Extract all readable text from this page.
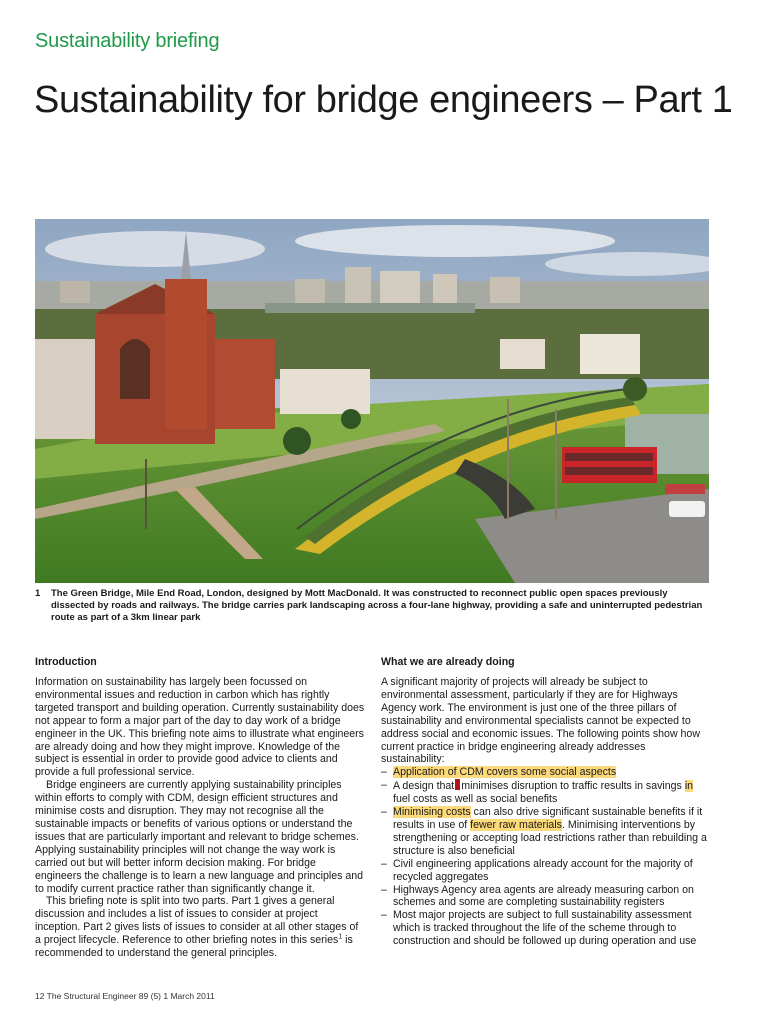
Sustainability briefing
Sustainability for bridge engineers – Part 1
1	The Green Bridge, Mile End Road, London, designed by Mott MacDonald. It was constructed to reconnect public open spaces previously dissected by roads and railways. The bridge carries park landscaping across a four-lane highway, providing a safe and uninterrupted pedestrian route as part of a 3km linear park
Introduction

Information on sustainability has largely been focussed on environmental issues and reduction in carbon which has rightly targeted transport and building operation. Currently sustainability does not appear to form a major part of the day to day work of a bridge engineer in the UK. This briefing note aims to illustrate what engineers are already doing and how they might improve. Knowledge of the subject is essential in order to provide good advice to clients and provide a full professional service.

Bridge engineers are currently applying sustainability principles within efforts to comply with CDM, design efficient structures and minimise costs and disruption. They may not recognise all the sustainable impacts or benefits of various options or understand the issues that are particularly important and relevant to bridge schemes. Applying sustainability principles will not change the way work is carried out but will better inform decision making. For bridge engineers the challenge is to learn a new language and principles and to modify current practice rather than significantly change it.

This briefing note is split into two parts. Part 1 gives a general discussion and includes a list of issues to consider at project inception. Part 2 gives lists of issues to consider at all other stages of a project lifecycle. Reference to other briefing notes in this series$^1$ is recommended to understand the general principles.

What we are already doing

A significant majority of projects will already be subject to environmental assessment, particularly if they are for Highways Agency work. The environment is just one of the three pillars of sustainability and environmental specialists cannot be expected to address social and economic issues. The following points show how current practice in bridge engineering already addresses sustainability:

– Application of CDM covers some social aspects
– A design that minimises disruption to traffic results in savings in fuel costs as well as social benefits
– Minimising costs can also drive significant sustainable benefits if it results in use of fewer raw materials. Minimising interventions by strengthening or accepting load restrictions rather than rebuilding a structure is also beneficial
– Civil engineering applications already account for the majority of recycled aggregates
– Highways Agency area agents are already measuring carbon on schemes and some are completing sustainability registers
– Most major projects are subject to full sustainability assessment which is tracked throughout the life of the scheme through to construction and should be followed up during operation and use
12 The Structural Engineer 89 (5) 1 March 2011
